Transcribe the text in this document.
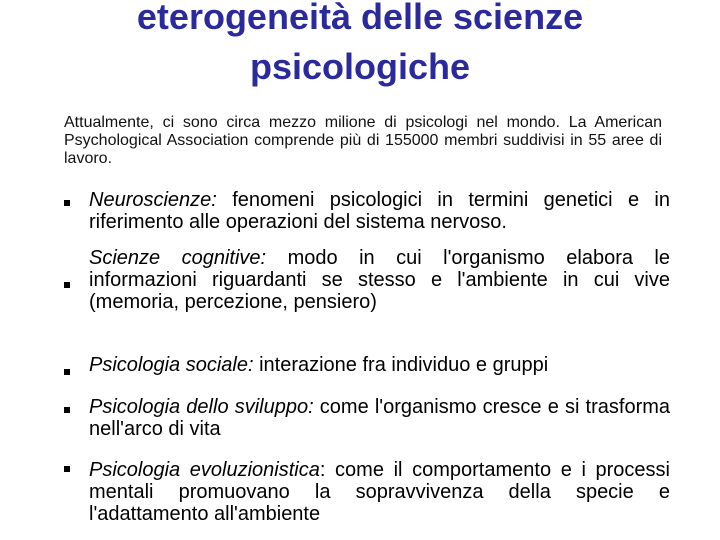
eterogeneità delle scienze
psicologiche

Attualmente, ci sono circa mezzo milione di psicologi nel mondo. La American Psychological Association comprende più di 155000 membri suddivisi in 55 aree di lavoro.

Neuroscienze: fenomeni psicologici in termini genetici e in riferimento alle operazioni del sistema nervoso.

Scienze cognitive: modo in cui l'organismo elabora le informazioni riguardanti se stesso e l'ambiente in cui vive (memoria, percezione, pensiero)

Psicologia sociale: interazione fra individuo e gruppi

Psicologia dello sviluppo: come l'organismo cresce e si trasforma nell'arco di vita

Psicologia evoluzionistica: come il comportamento e i processi mentali promuovano la sopravvivenza della specie e l'adattamento all'ambiente
